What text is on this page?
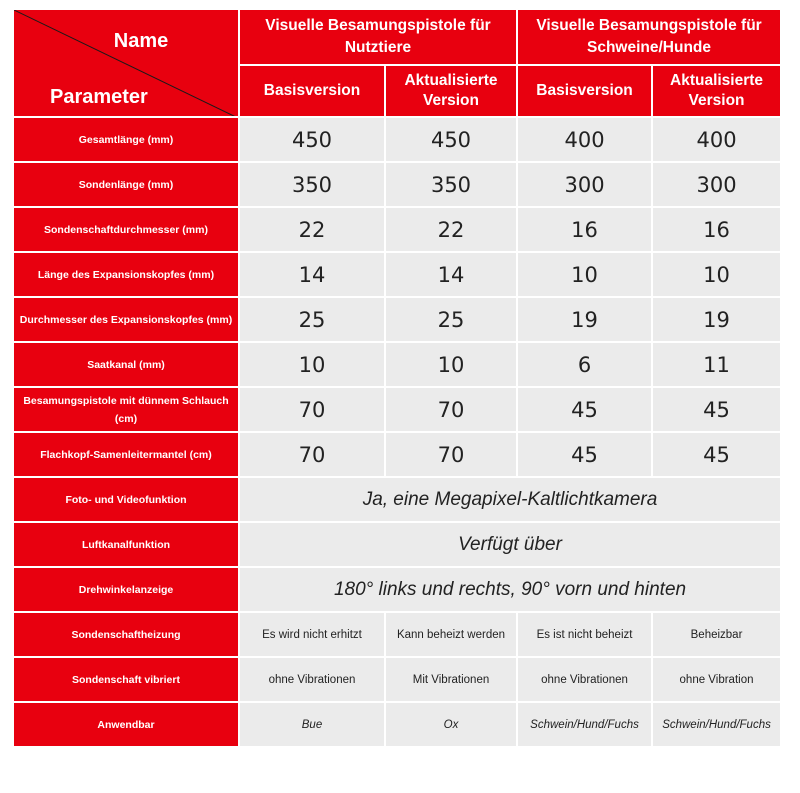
Name
Parameter	Visuelle Besamungspistole für Nutztiere		Visuelle Besamungspistole für Schweine/Hunde	
	Basisversion	Aktualisierte Version	Basisversion	Aktualisierte Version
Gesamtlänge (mm)	450	450	400	400
Sondenlänge (mm)	350	350	300	300
Sondenschaftdurchmesser (mm)	22	22	16	16
Länge des Expansionskopfes (mm)	14	14	10	10
Durchmesser des Expansionskopfes (mm)	25	25	19	19
Saatkanal (mm)	10	10	6	11
Besamungspistole mit dünnem Schlauch (cm)	70	70	45	45
Flachkopf-Samenleitermantel (cm)	70	70	45	45
Foto- und Videofunktion	Ja, eine Megapixel-Kaltlichtkamera			
Luftkanalfunktion	Verfügt über			
Drehwinkelanzeige	180° links und rechts, 90° vorn und hinten			
Sondenschaftheizung	Es wird nicht erhitzt	Kann beheizt werden	Es ist nicht beheizt	Beheizbar
Sondenschaft vibriert	ohne Vibrationen	Mit Vibrationen	ohne Vibrationen	ohne Vibration
Anwendbar	Bue	Ox	Schwein/Hund/Fuchs	Schwein/Hund/Fuchs
